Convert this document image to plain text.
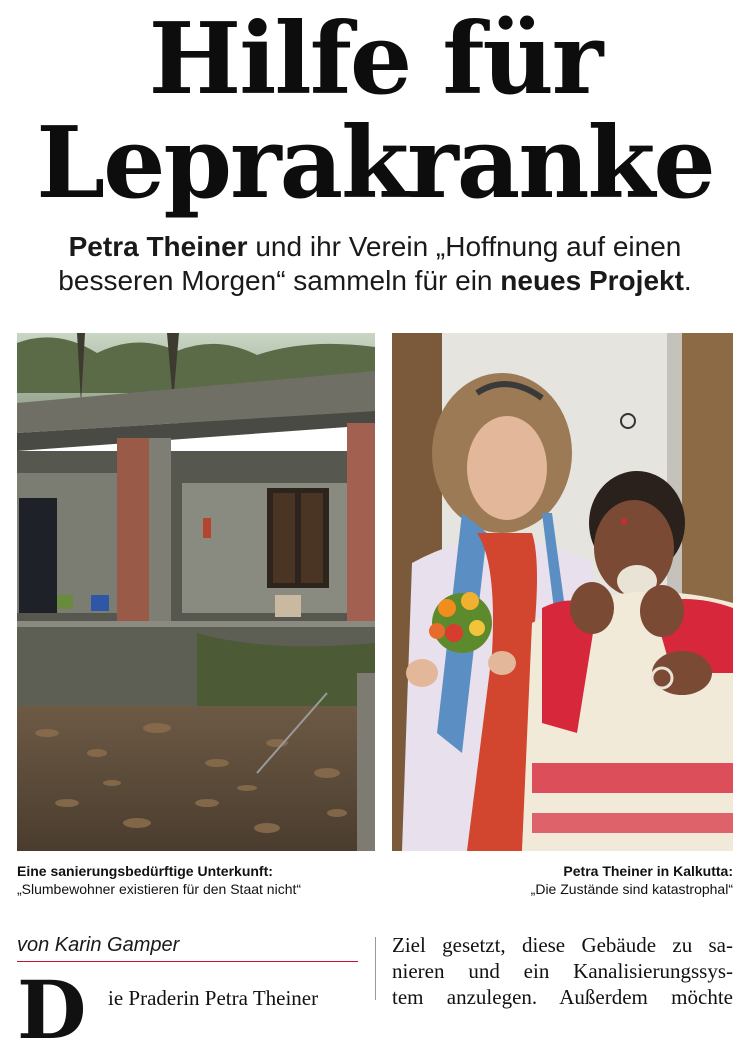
Hilfe für
Leprakranke
Petra Theiner und ihr Verein „Hoffnung auf einen
besseren Morgen“ sammeln für ein neues Projekt.
Eine sanierungsbedürftige Unterkunft:
„Slumbewohner existieren für den Staat nicht“
Petra Theiner in Kalkutta:
„Die Zustände sind katastrophal“
von Karin Gamper
D ie Praderin Petra Theiner
Ziel gesetzt, diese Gebäude zu sa-
nieren und ein Kanalisierungssys-
tem anzulegen. Außerdem möchte
